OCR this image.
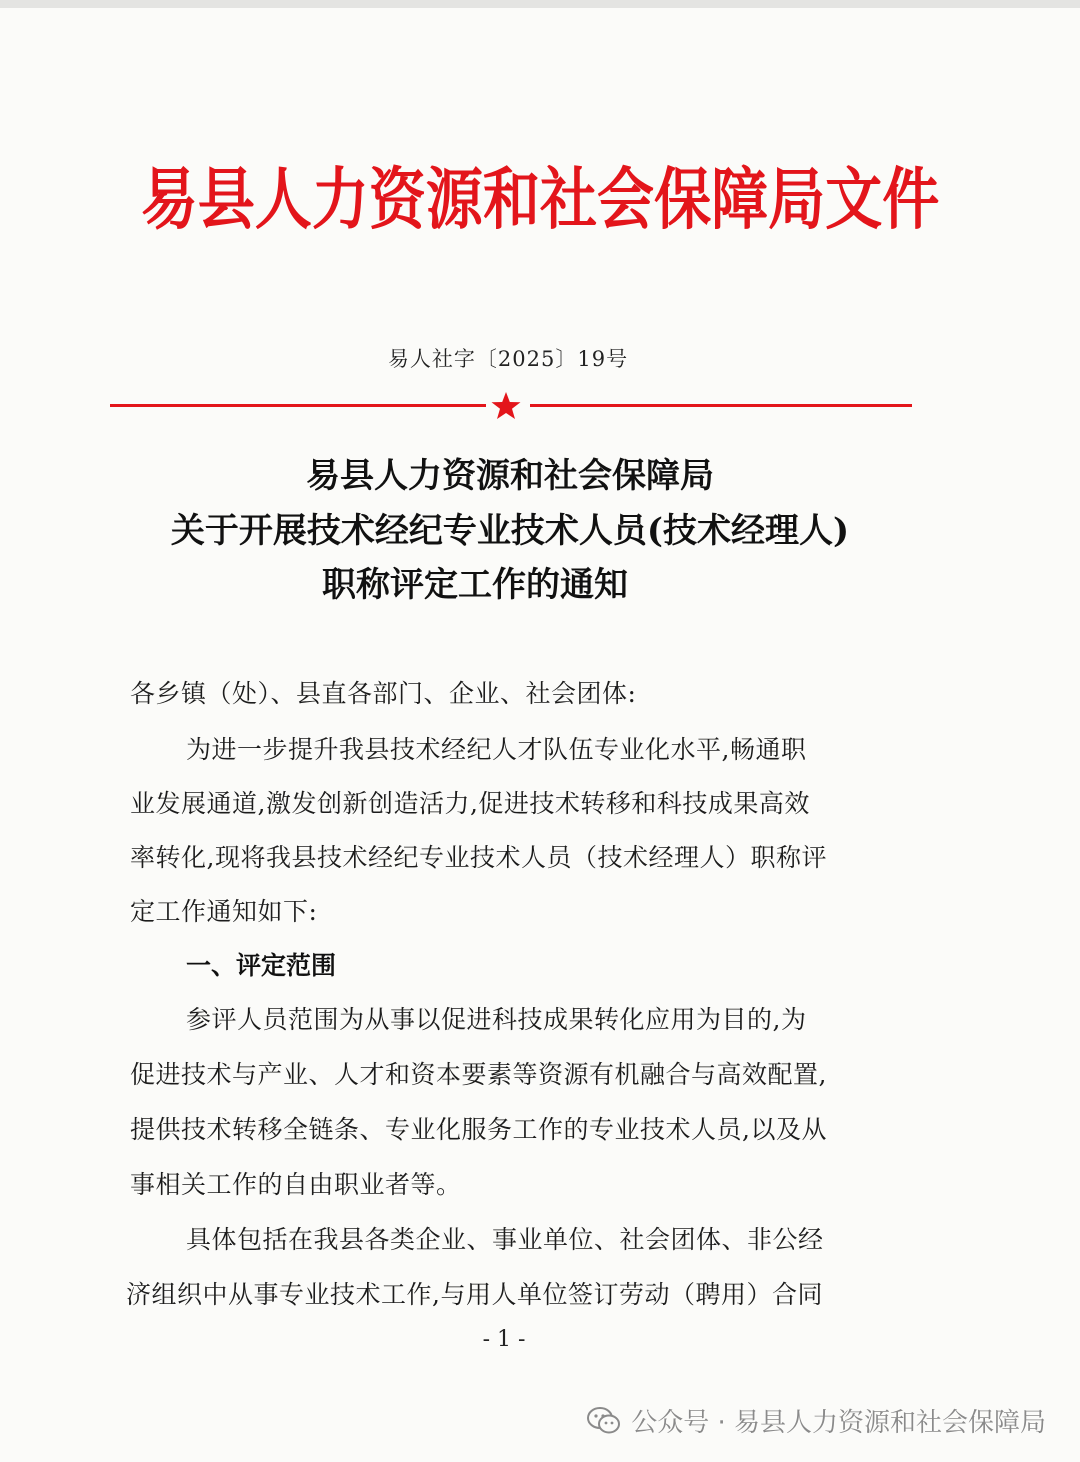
易县人力资源和社会保障局文件
易人社字〔2025〕19号
易县人力资源和社会保障局
关于开展技术经纪专业技术人员(技术经理人)
职称评定工作的通知
各乡镇（处）、县直各部门、企业、社会团体:
为进一步提升我县技术经纪人才队伍专业化水平,畅通职
业发展通道,激发创新创造活力,促进技术转移和科技成果高效
率转化,现将我县技术经纪专业技术人员（技术经理人）职称评
定工作通知如下:
一、评定范围
参评人员范围为从事以促进科技成果转化应用为目的,为
促进技术与产业、人才和资本要素等资源有机融合与高效配置,
提供技术转移全链条、专业化服务工作的专业技术人员,以及从
事相关工作的自由职业者等。
具体包括在我县各类企业、事业单位、社会团体、非公经
济组织中从事专业技术工作,与用人单位签订劳动（聘用）合同
- 1 -
公众号 · 易县人力资源和社会保障局
